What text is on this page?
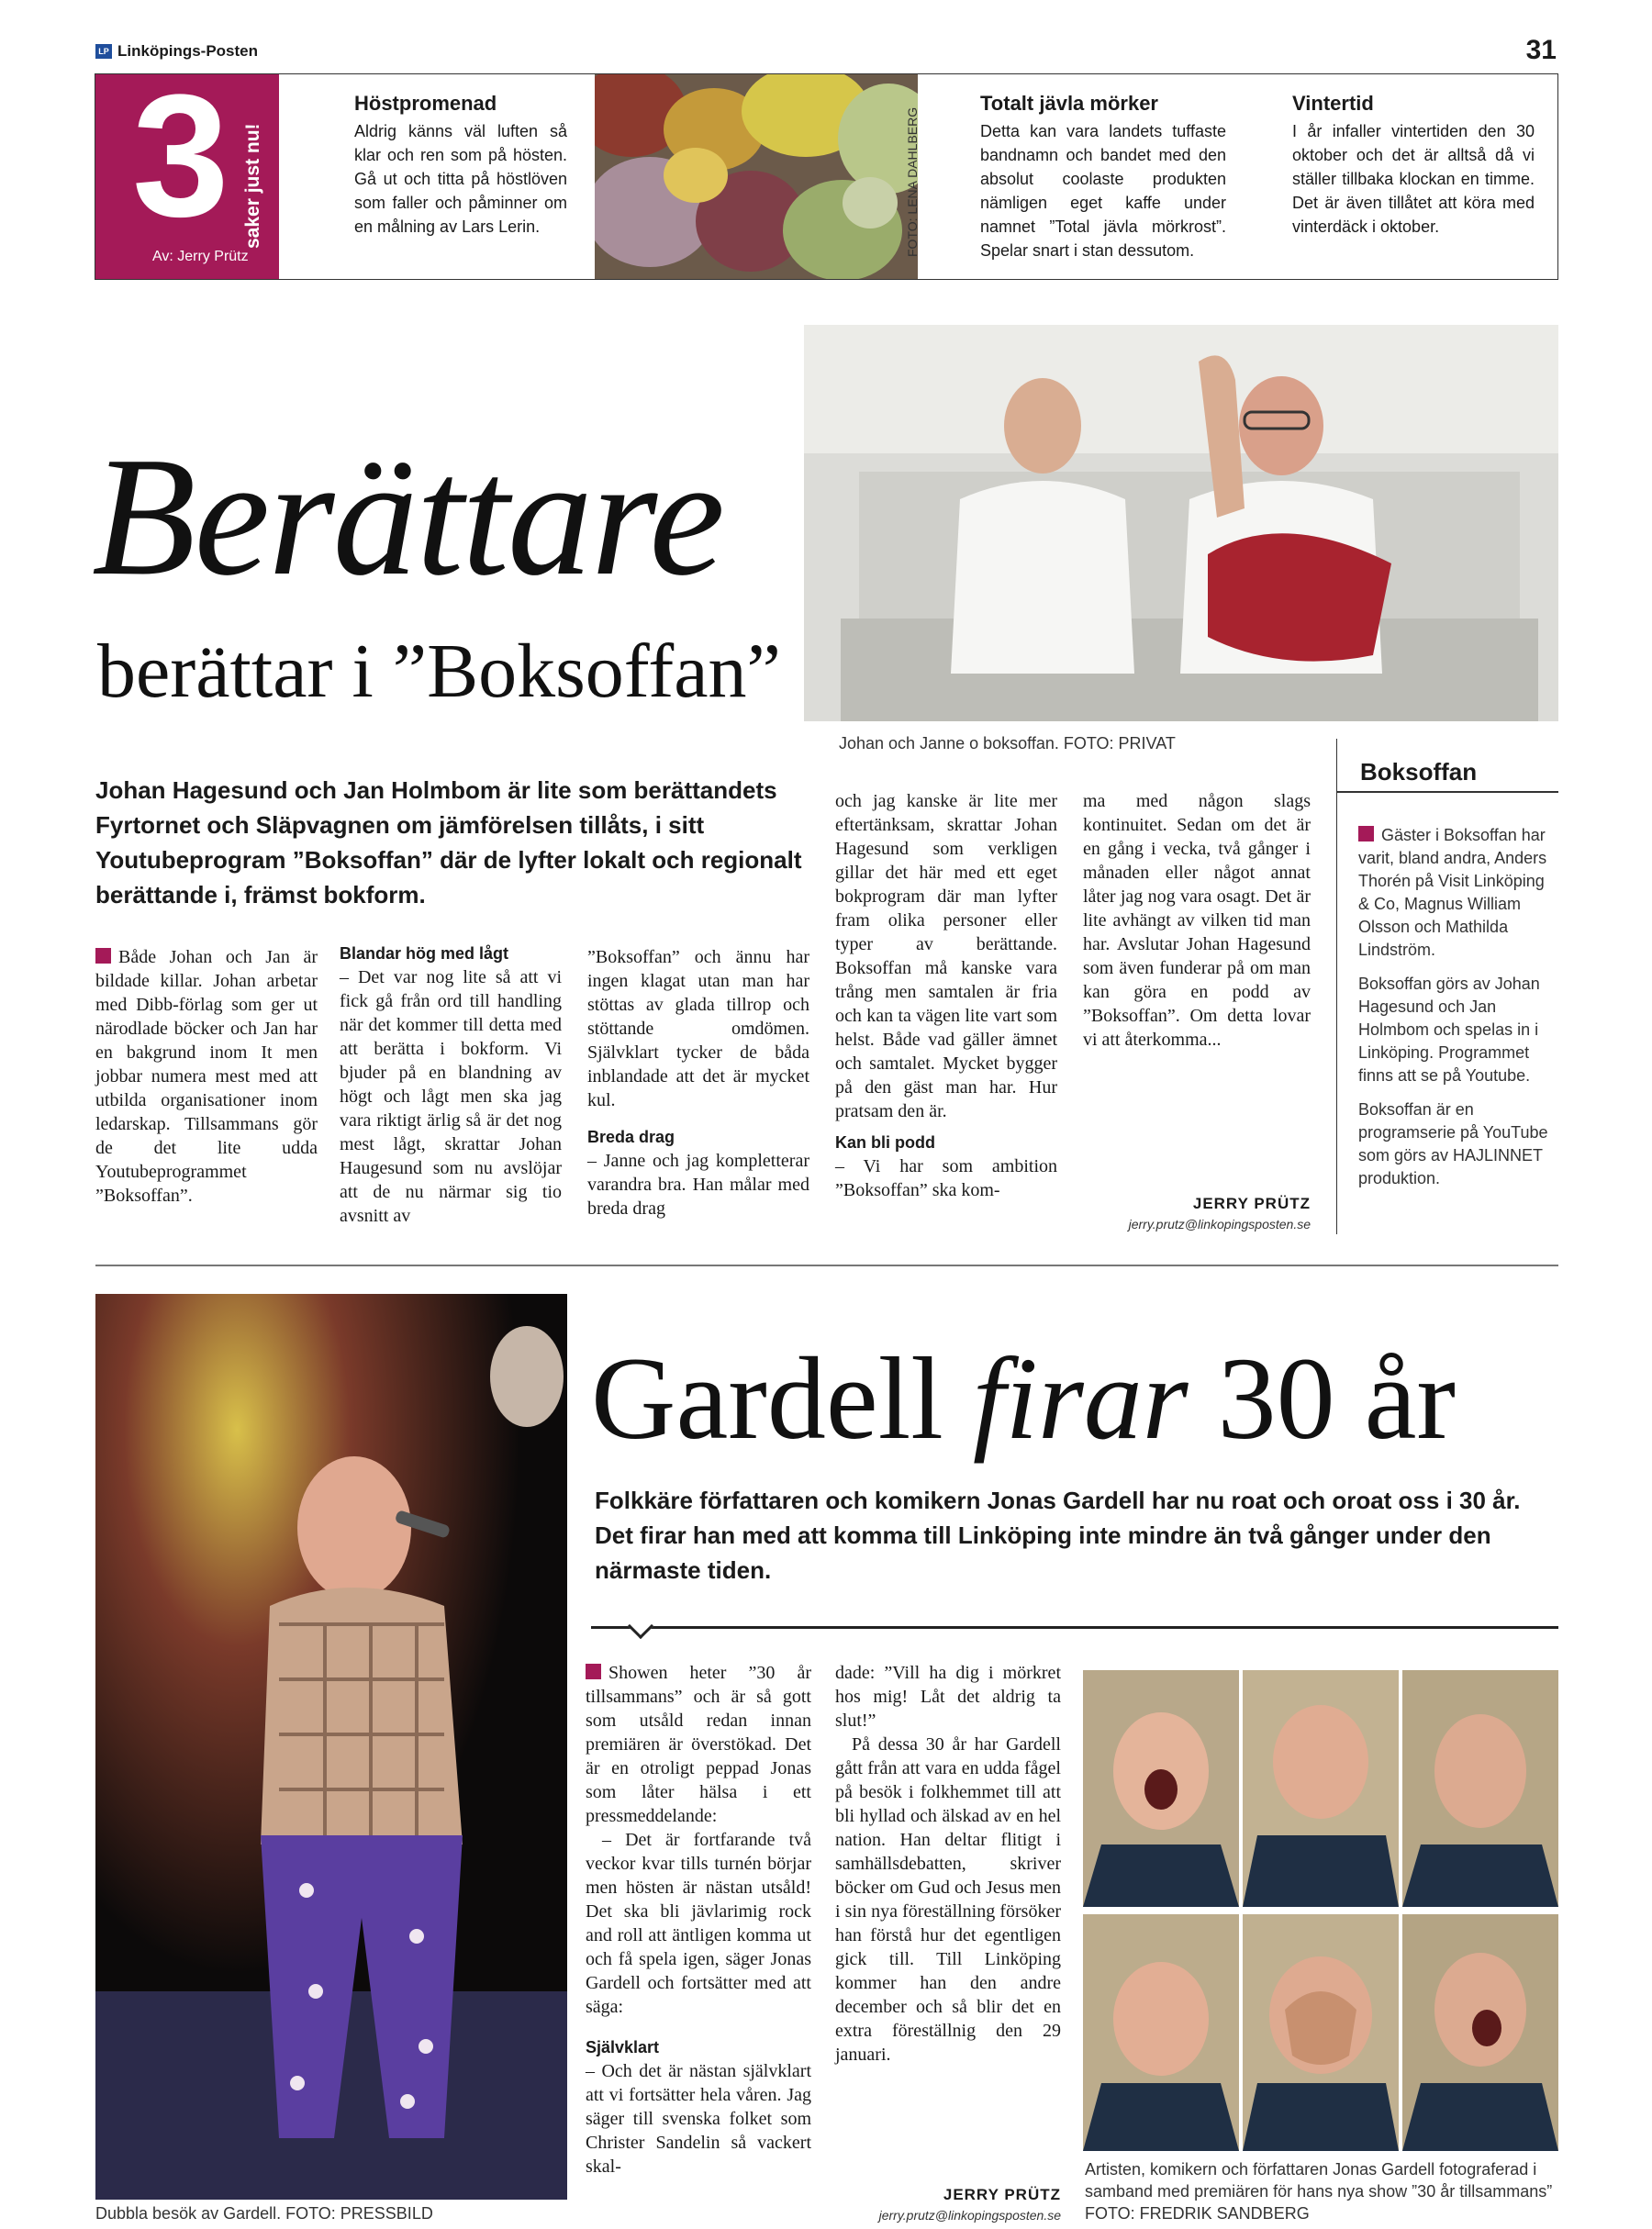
LP Linköpings-Posten	31
3 saker just nu!
Av: Jerry Prütz
Höstpromenad
Aldrig känns väl luften så klar och ren som på hösten. Gå ut och titta på höstlöven som faller och påminner om en målning av Lars Lerin.	FOTO: LENA DAHLBERG
Totalt jävla mörker
Detta kan vara landets tuffaste bandnamn och bandet med den absolut coolaste produkten nämligen eget kaffe under namnet ”Total jävla mörkrost”. Spelar snart i stan dessutom.
Vintertid
I år infaller vintertiden den 30 oktober och det är alltså då vi ställer tillbaka klockan en timme. Det är även tillåtet att köra med vinterdäck i oktober.
Berättare
berättar i ”Boksoffan”
Johan och Janne o boksoffan. FOTO: PRIVAT
Johan Hagesund och Jan Holmbom är lite som berättandets Fyrtornet och Släpvagnen om jämförelsen tillåts, i sitt Youtubeprogram ”Boksoffan” där de lyfter lokalt och regionalt berättande i, främst bokform.
Både Johan och Jan är bildade killar. Johan arbetar med Dibb-förlag som ger ut närodlade böcker och Jan har en bakgrund inom It men jobbar numera mest med att utbilda organisationer inom ledarskap. Tillsammans gör de det lite udda Youtubeprogrammet ”Boksoffan”.
Blandar hög med lågt
– Det var nog lite så att vi fick gå från ord till handling när det kommer till detta med att berätta i bokform. Vi bjuder på en blandning av högt och lågt men ska jag vara riktigt ärlig så är det nog mest lågt, skrattar Johan Haugesund som nu avslöjar att de nu närmar sig tio avsnitt av
”Boksoffan” och ännu har ingen klagat utan man har stöttas av glada tillrop och stöttande omdömen. Självklart tycker de båda inblandade att det är mycket kul.
Breda drag
– Janne och jag kompletterar varandra bra. Han målar med breda drag
och jag kanske är lite mer eftertänksam, skrattar Johan Hagesund som verkligen gillar det här med ett eget bokprogram där man lyfter fram olika personer eller typer av berättande. Boksoffan må kanske vara trång men samtalen är fria och kan ta vägen lite vart som helst. Både vad gäller ämnet och samtalet. Mycket bygger på den gäst man har. Hur pratsam den är.
Kan bli podd
– Vi har som ambition ”Boksoffan” ska kom-
ma med någon slags kontinuitet. Sedan om det är en gång i vecka, två gånger i månaden eller något annat låter jag nog vara osagt. Det är lite avhängt av vilken tid man har. Avslutar Johan Hagesund som även funderar på om man kan göra en podd av ”Boksoffan”. Om detta lovar vi att återkomma...
JERRY PRÜTZ
jerry.prutz@linkopingsposten.se
Boksoffan

Gäster i Boksoffan har varit, bland andra, Anders Thorén på Visit Linköping & Co, Magnus William Olsson och Mathilda Lindström.

Boksoffan görs av Johan Hagesund och Jan Holmbom och spelas in i Linköping. Programmet finns att se på Youtube.

Boksoffan är en programserie på YouTube som görs av HAJLINNET produktion.

Dubbla besök av Gardell. FOTO: PRESSBILD
Gardell firar 30 år
Folkkäre författaren och komikern Jonas Gardell har nu roat och oroat oss i 30 år. Det firar han med att komma till Linköping inte mindre än två gånger under den närmaste tiden.
Showen heter ”30 år tillsammans” och är så gott som utsåld redan innan premiären är överstökad. Det är en otroligt peppad Jonas som låter hälsa i ett pressmeddelande:
– Det är fortfarande två veckor kvar tills turnén börjar men hösten är nästan utsåld! Det ska bli jävlarimig rock and roll att äntligen komma ut och få spela igen, säger Jonas Gardell och fortsätter med att säga:
Självklart
– Och det är nästan självklart att vi fortsätter hela våren. Jag säger till svenska folket som Christer Sandelin så vackert skal-
dade: ”Vill ha dig i mörkret hos mig! Låt det aldrig ta slut!”
På dessa 30 år har Gardell gått från att vara en udda fågel på besök i folkhemmet till att bli hyllad och älskad av en hel nation. Han deltar flitigt i samhällsdebatten, skriver böcker om Gud och Jesus men i sin nya föreställning försöker han förstå hur det egentligen gick till. Till Linköping kommer han den andre december och så blir det en extra föreställnig den 29 januari.
JERRY PRÜTZ
jerry.prutz@linkopingsposten.se
Artisten, komikern och författaren Jonas Gardell fotograferad i samband med premiären för hans nya show ”30 år tillsammans” FOTO: FREDRIK SANDBERG
